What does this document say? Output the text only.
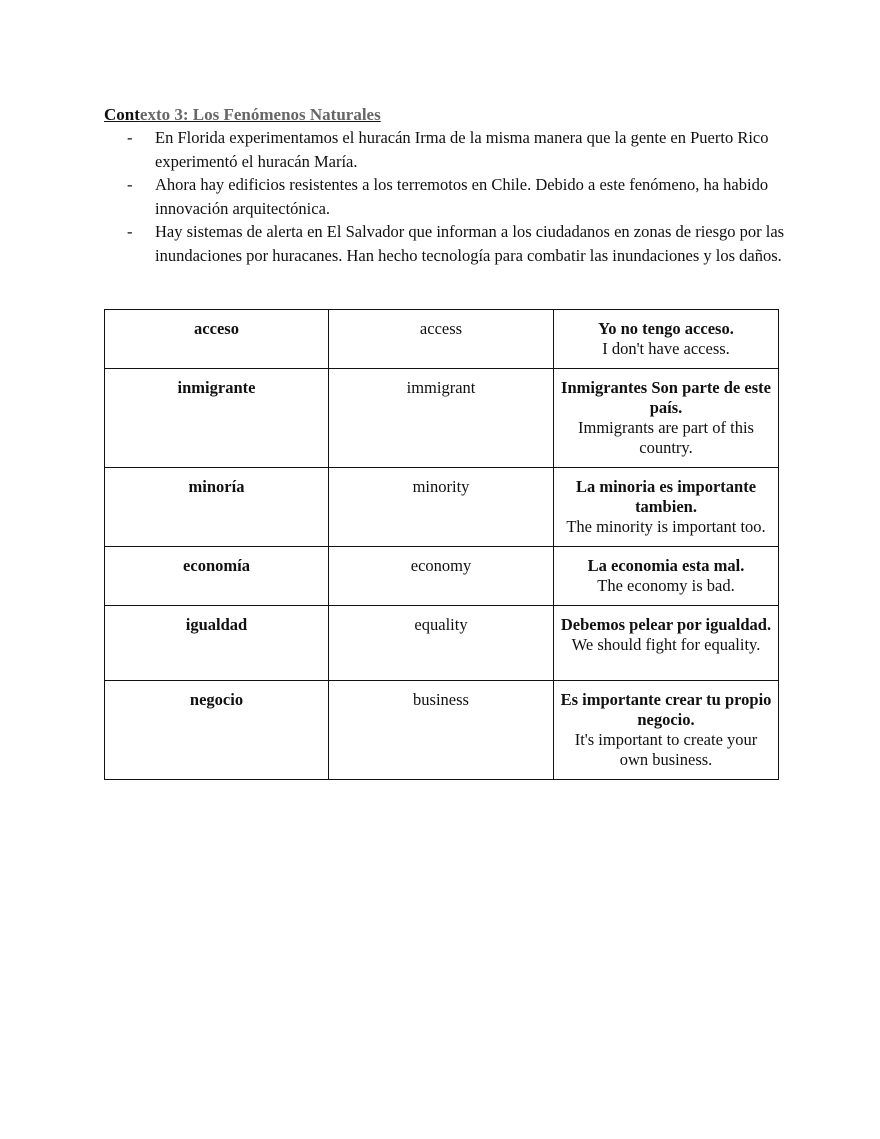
Contexto 3: Los Fenómenos Naturales
- En Florida experimentamos el huracán Irma de la misma manera que la gente en Puerto Rico experimentó el huracán María.
- Ahora hay edificios resistentes a los terremotos en Chile. Debido a este fenómeno, ha habido innovación arquitectónica.
- Hay sistemas de alerta en El Salvador que informan a los ciudadanos en zonas de riesgo por las inundaciones por huracanes. Han hecho tecnología para combatir las inundaciones y los daños.
acceso	access	Yo no tengo acceso.
I don't have access.

inmigrante	immigrant	Inmigrantes Son parte de este país.
Immigrants are part of this country.

minoría	minority	La minoria es importante tambien.
The minority is important too.

economía	economy	La economia esta mal.
The economy is bad.

igualdad	equality	Debemos pelear por igualdad.
We should fight for equality.

negocio	business	Es importante crear tu propio negocio.
It's important to create your own business.
